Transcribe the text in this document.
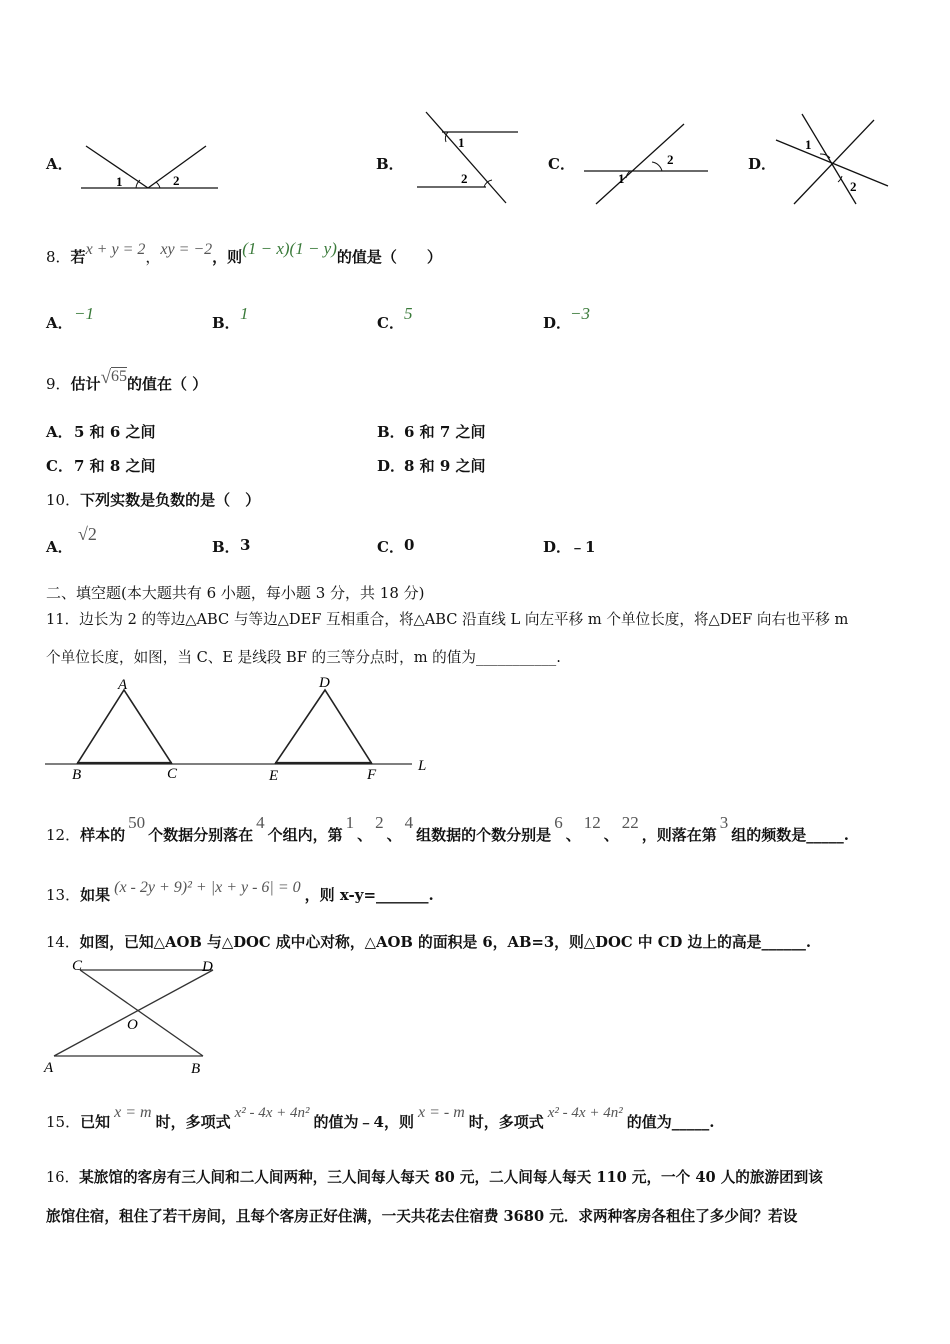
A．
1	2
B．
1
2
C．
1
2	D．
1
2
8．若x + y = 2，xy = −2，则(1 − x)(1 − y)的值是（　　）
A． −1	B． 1	C． 5	D．
−3
9．估计√65的值在（ ）
A． 5 和 6 之间	B． 6 和 7 之间
C． 7 和 8 之间	D．
8 和 9 之间
10．下列实数是负数的是（　）
A．
√2
B． 3	C． 0	D．
﹣1
二、填空题(本大题共有 6 小题，每小题 3 分，共 18 分)
11．边长为 2 的等边△ABC 与等边△DEF 互相重合，将△ABC 沿直线 L 向左平移 m 个单位长度，将△DEF 向右也平移 m
个单位长度，如图，当 C、E 是线段 BF 的三等分点时，m 的值为___________.
A
B	C
D
E	F
L
12．样本的50个数据分别落在4个组内，第1、2、4组数据的个数分别是6、12、22，则落在第3组的频数是_____.
13．如果 (x - 2y + 9)² + |x + y - 6| = 0 ，则 x-y=_______.
14．如图，已知△AOB 与△DOC 成中心对称，△AOB 的面积是 6，AB=3，则△DOC 中 CD 边上的高是______.
C	D
O
A	B
15．已知x = m时，多项式 x² - 4x + 4n² 的值为﹣4，则x = - m时，多项式 x² - 4x + 4n² 的值为_____.
16．某旅馆的客房有三人间和二人间两种，三人间每人每天 80 元，二人间每人每天 110 元，一个 40 人的旅游团到该
旅馆住宿，租住了若干房间，且每个客房正好住满，一天共花去住宿费 3680 元．求两种客房各租住了多少间？若设
